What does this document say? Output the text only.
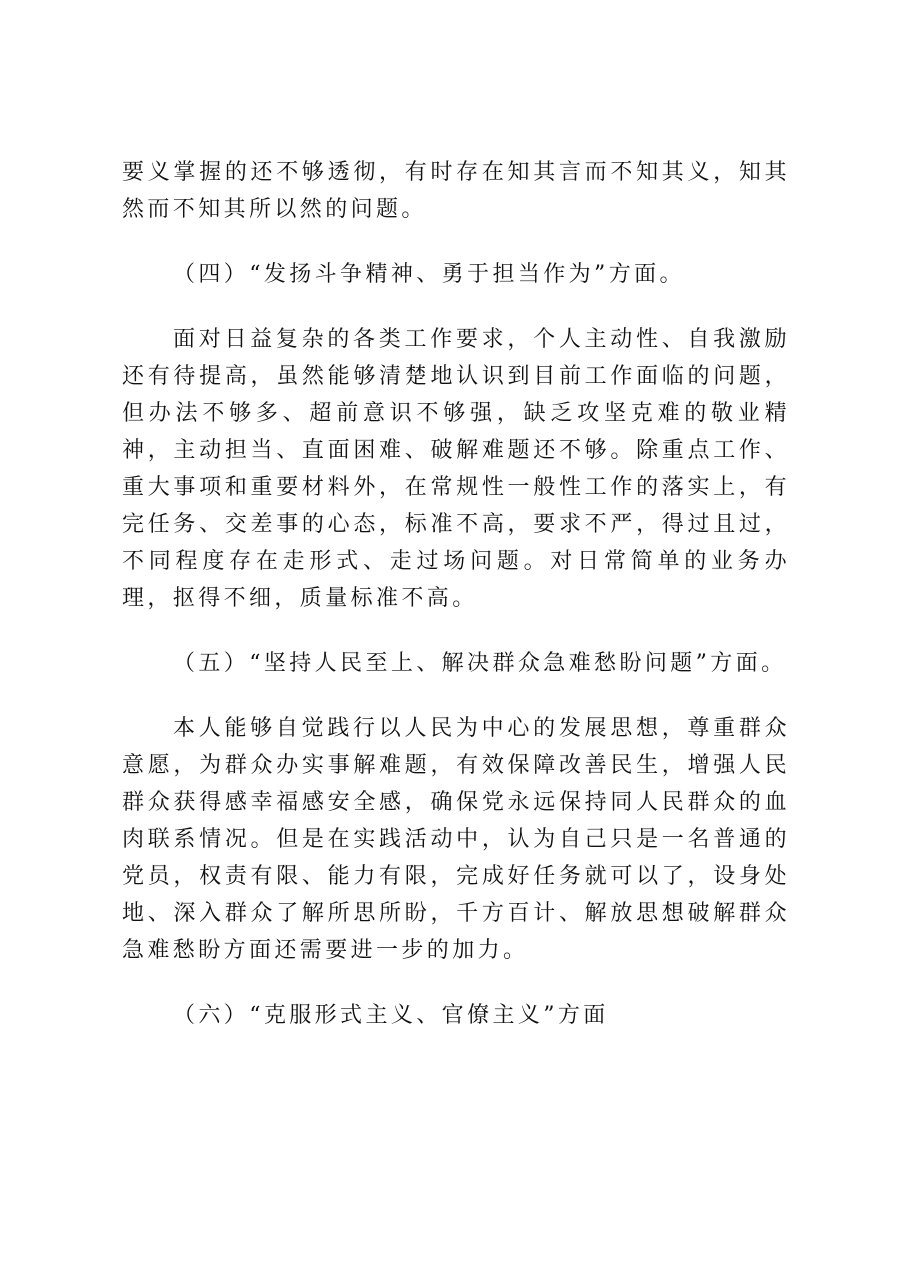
要义掌握的还不够透彻，有时存在知其言而不知其义，知其然而不知其所以然的问题。

（四）“发扬斗争精神、勇于担当作为”方面。

面对日益复杂的各类工作要求，个人主动性、自我激励还有待提高，虽然能够清楚地认识到目前工作面临的问题，但办法不够多、超前意识不够强，缺乏攻坚克难的敬业精神，主动担当、直面困难、破解难题还不够。除重点工作、重大事项和重要材料外，在常规性一般性工作的落实上，有完任务、交差事的心态，标准不高，要求不严，得过且过，不同程度存在走形式、走过场问题。对日常简单的业务办理，抠得不细，质量标准不高。

（五）“坚持人民至上、解决群众急难愁盼问题”方面。

本人能够自觉践行以人民为中心的发展思想，尊重群众意愿，为群众办实事解难题，有效保障改善民生，增强人民群众获得感幸福感安全感，确保党永远保持同人民群众的血肉联系情况。但是在实践活动中，认为自己只是一名普通的党员，权责有限、能力有限，完成好任务就可以了，设身处地、深入群众了解所思所盼，千方百计、解放思想破解群众急难愁盼方面还需要进一步的加力。

（六）“克服形式主义、官僚主义”方面
